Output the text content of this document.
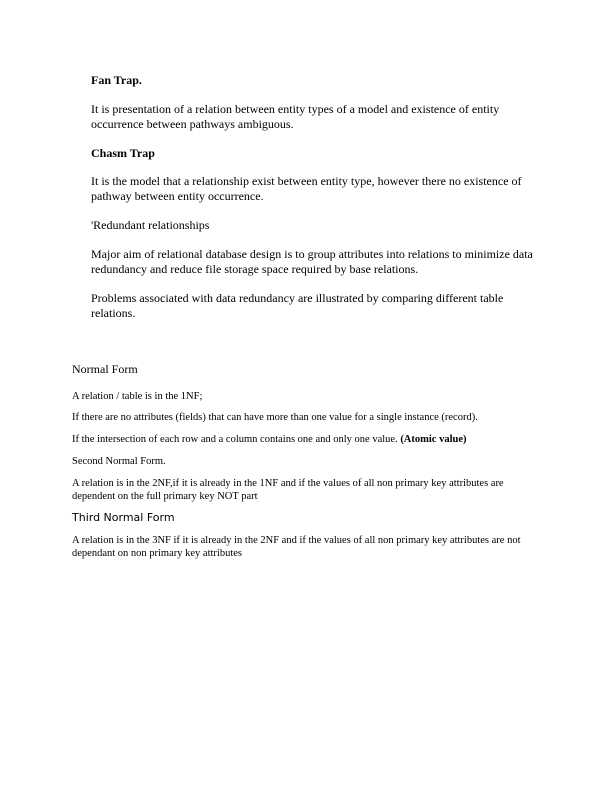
Fan Trap.

It is presentation of a relation between entity types of a model and existence of entity occurrence between pathways ambiguous.

Chasm Trap

It is the model that a relationship exist between entity type, however there no existence of pathway between entity occurrence.

'Redundant relationships

Major aim of relational database design is to group attributes into relations to minimize data redundancy and reduce file storage space required by base relations.

Problems associated with data redundancy are illustrated by comparing different table relations.

Normal Form

A relation / table is in the 1NF;

If there are no attributes (fields) that can have more than one value for a single instance (record).

If the intersection of each row and a column contains one and only one value. (Atomic value)

Second Normal Form.

A relation is in the 2NF,if it is already in the 1NF and if the values of all non primary key attributes are dependent on the full primary key NOT part

Third Normal Form

A relation is in the 3NF if it is already in the 2NF and if the values of all non primary key attributes are not dependant on non primary key attributes
